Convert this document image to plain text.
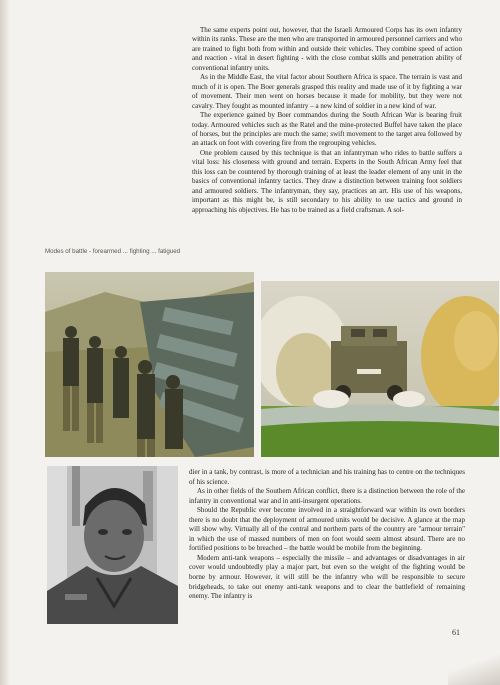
The same experts point out, however, that the Israeli Armoured Corps has its own infantry within its ranks. These are the men who are transported in armoured personnel carriers and who are trained to fight both from within and outside their vehicles. They combine speed of action and reaction - vital in desert fighting - with the close combat skills and penetration ability of conventional infantry units.

As in the Middle East, the vital factor about Southern Africa is space. The terrain is vast and much of it is open. The Boer generals grasped this reality and made use of it by fighting a war of movement. Their men went on horses because it made for mobility, but they were not cavalry. They fought as mounted infantry – a new kind of soldier in a new kind of war.

The experience gained by Boer commandos during the South African War is bearing fruit today. Armoured vehicles such as the Ratel and the mine-protected Buffel have taken the place of horses, but the principles are much the same; swift movement to the target area followed by an attack on foot with covering fire from the regrouping vehicles.

One problem caused by this technique is that an infantryman who rides to battle suffers a vital loss: his closeness with ground and terrain. Experts in the South African Army feel that this loss can be countered by thorough training of at least the leader element of any unit in the basics of conventional infantry tactics. They draw a distinction between training foot soldiers and armoured soldiers. The infantryman, they say, practices an art. His use of his weapons, important as this might be, is still secondary to his ability to use tactics and ground in approaching his objectives. He has to be trained as a field craftsman. A sol-

Modes of battle - forearmed ... fighting ... fatigued

dier in a tank, by contrast, is more of a technician and his training has to centre on the techniques of his science.

As in other fields of the Southern African conflict, there is a distinction between the role of the infantry in conventional war and in anti-insurgent operations.

Should the Republic ever become involved in a straightforward war within its own borders there is no doubt that the deployment of armoured units would be decisive. A glance at the map will show why. Virtually all of the central and northern parts of the country are "armour terrain" in which the use of massed numbers of men on foot would seem almost absurd. There are no fortified positions to be breached – the battle would be mobile from the beginning.

Modern anti-tank weapons – especially the missile – and advantages or disadvantages in air cover would undoubtedly play a major part, but even so the weight of the fighting would be borne by armour. However, it will still be the infantry who will be responsible to secure bridgeheads, to take out enemy anti-tank weapons and to clear the battlefield of remaining enemy. The infantry is

61
